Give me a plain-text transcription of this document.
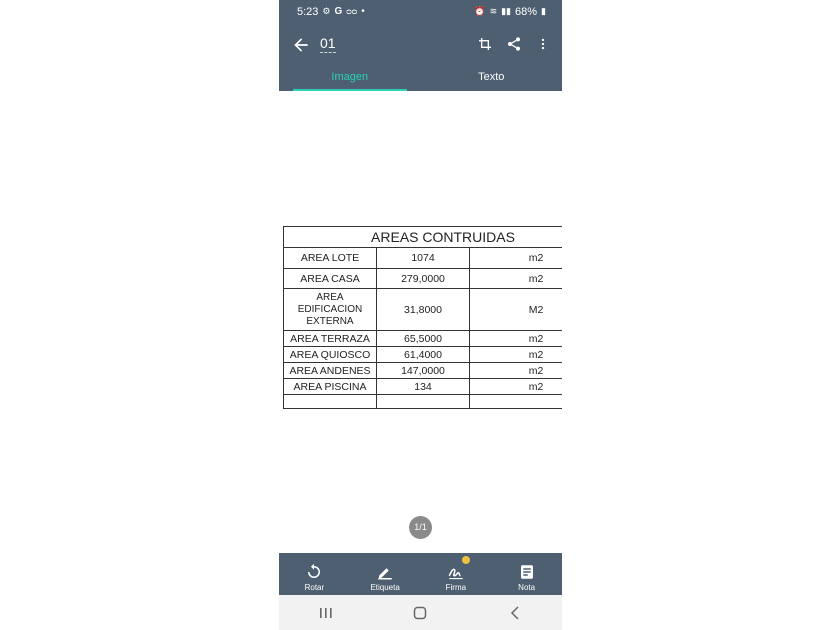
5:23 ⚙ G ᴑᴑ •	⏰ ≋ ▮▮ 68% ▮
01
Imagen	Texto
AREAS CONTRUIDAS		
AREA LOTE	1074	m2
AREA CASA	279,0000	m2
AREA EDIFICACION EXTERNA	31,8000	M2
AREA TERRAZA	65,5000	m2
AREA QUIOSCO	61,4000	m2
AREA ANDENES	147,0000	m2
AREA PISCINA	134	m2

1/1
Rotar	Etiqueta	Firma	Nota
